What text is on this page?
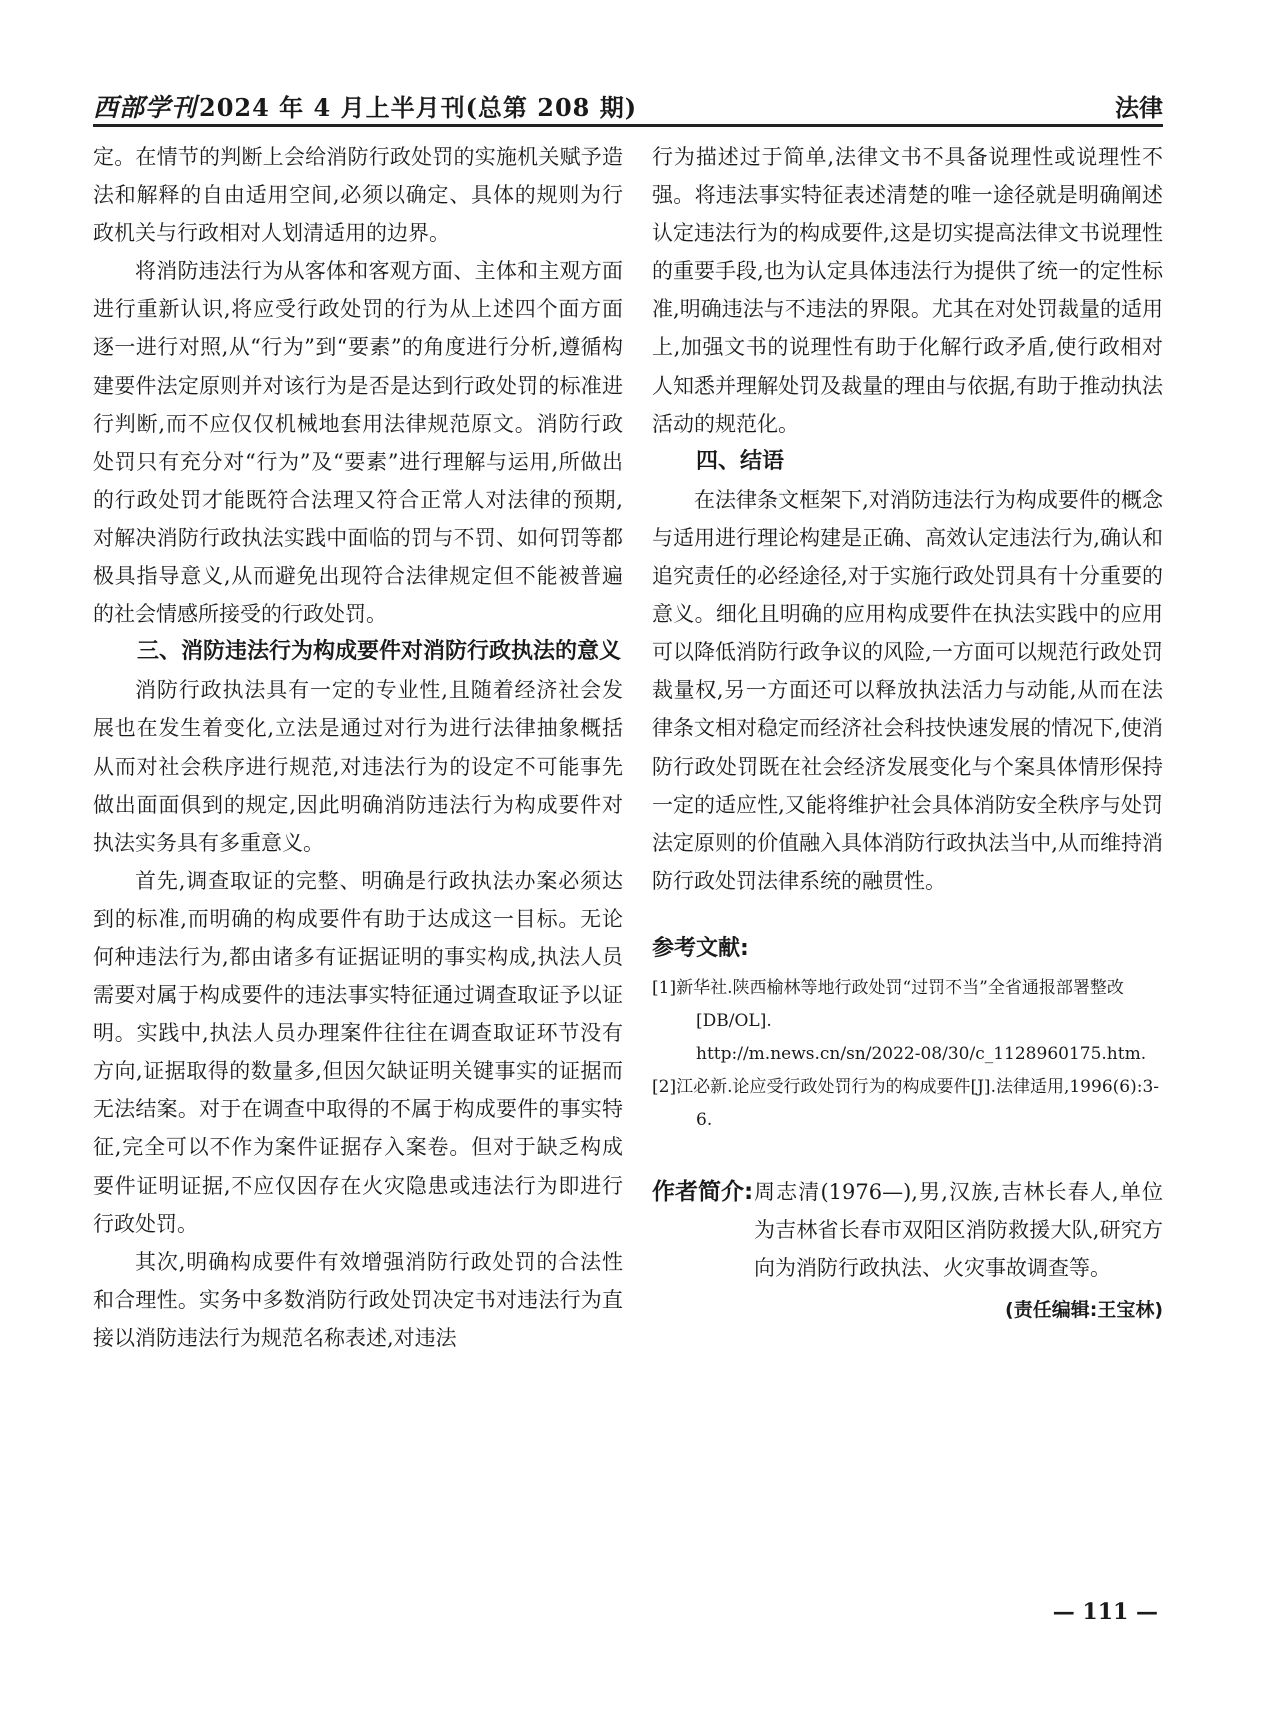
西部学刊2024 年 4 月上半月刊(总第 208 期)	法律

定。在情节的判断上会给消防行政处罚的实施机关赋予造法和解释的自由适用空间,必须以确定、具体的规则为行政机关与行政相对人划清适用的边界。

将消防违法行为从客体和客观方面、主体和主观方面进行重新认识,将应受行政处罚的行为从上述四个面方面逐一进行对照,从“行为”到“要素”的角度进行分析,遵循构建要件法定原则并对该行为是否是达到行政处罚的标准进行判断,而不应仅仅机械地套用法律规范原文。消防行政处罚只有充分对“行为”及“要素”进行理解与运用,所做出的行政处罚才能既符合法理又符合正常人对法律的预期,对解决消防行政执法实践中面临的罚与不罚、如何罚等都极具指导意义,从而避免出现符合法律规定但不能被普遍的社会情感所接受的行政处罚。

三、消防违法行为构成要件对消防行政执法的意义

消防行政执法具有一定的专业性,且随着经济社会发展也在发生着变化,立法是通过对行为进行法律抽象概括从而对社会秩序进行规范,对违法行为的设定不可能事先做出面面俱到的规定,因此明确消防违法行为构成要件对执法实务具有多重意义。

首先,调查取证的完整、明确是行政执法办案必须达到的标准,而明确的构成要件有助于达成这一目标。无论何种违法行为,都由诸多有证据证明的事实构成,执法人员需要对属于构成要件的违法事实特征通过调查取证予以证明。实践中,执法人员办理案件往往在调查取证环节没有方向,证据取得的数量多,但因欠缺证明关键事实的证据而无法结案。对于在调查中取得的不属于构成要件的事实特征,完全可以不作为案件证据存入案卷。但对于缺乏构成要件证明证据,不应仅因存在火灾隐患或违法行为即进行行政处罚。

其次,明确构成要件有效增强消防行政处罚的合法性和合理性。实务中多数消防行政处罚决定书对违法行为直接以消防违法行为规范名称表述,对违法

行为描述过于简单,法律文书不具备说理性或说理性不强。将违法事实特征表述清楚的唯一途径就是明确阐述认定违法行为的构成要件,这是切实提高法律文书说理性的重要手段,也为认定具体违法行为提供了统一的定性标准,明确违法与不违法的界限。尤其在对处罚裁量的适用上,加强文书的说理性有助于化解行政矛盾,使行政相对人知悉并理解处罚及裁量的理由与依据,有助于推动执法活动的规范化。

四、结语

在法律条文框架下,对消防违法行为构成要件的概念与适用进行理论构建是正确、高效认定违法行为,确认和追究责任的必经途径,对于实施行政处罚具有十分重要的意义。细化且明确的应用构成要件在执法实践中的应用可以降低消防行政争议的风险,一方面可以规范行政处罚裁量权,另一方面还可以释放执法活力与动能,从而在法律条文相对稳定而经济社会科技快速发展的情况下,使消防行政处罚既在社会经济发展变化与个案具体情形保持一定的适应性,又能将维护社会具体消防安全秩序与处罚法定原则的价值融入具体消防行政执法当中,从而维持消防行政处罚法律系统的融贯性。

参考文献:
[1]新华社.陕西榆林等地行政处罚“过罚不当”全省通报部署整改[DB/OL].
http://m.news.cn/sn/2022-08/30/c_1128960175.htm.
[2]江必新.论应受行政处罚行为的构成要件[J].法律适用,1996(6):3-6.
作者简介: 周志清(1976—),男,汉族,吉林长春人,单位为吉林省长春市双阳区消防救援大队,研究方向为消防行政执法、火灾事故调查等。
(责任编辑:王宝林)
— 111 —
